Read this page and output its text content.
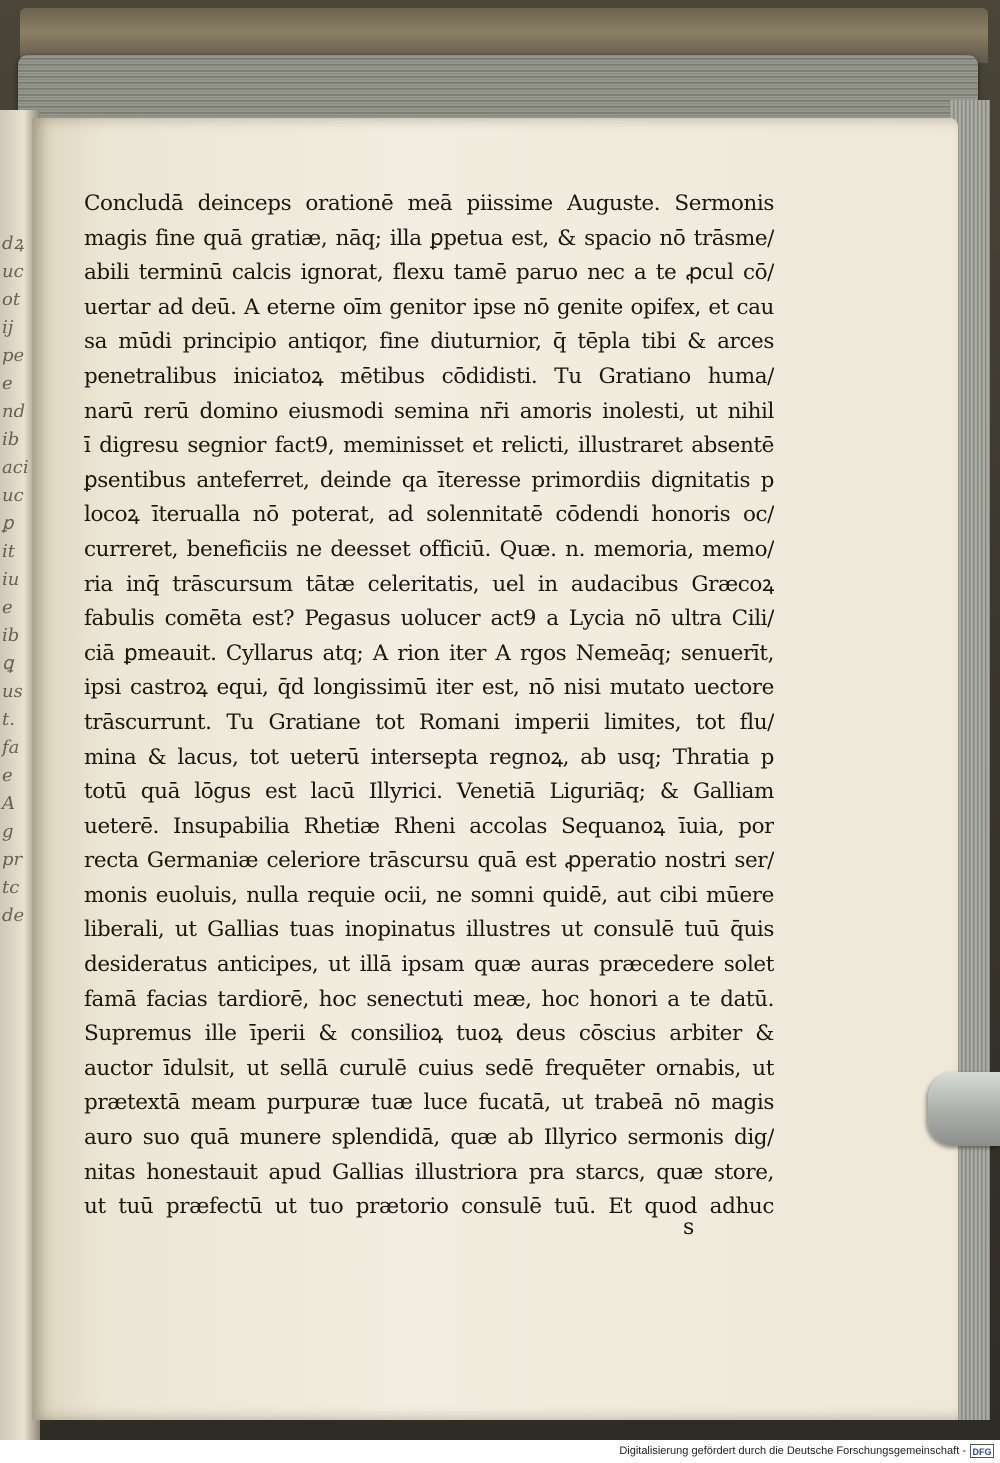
dꝝ
uc
ot
ij
pe
e
nd
ib
aci
uc
ꝑ
it
iu
e
ib
ꝗ
us
t.
fa
e
A
g
pr
tc
de

Concludā deinceps orationē meā piissime Auguste. Sermonis
magis fine quā gratiæ, nāq; illa ꝑpetua est, & spacio nō trāsme/
abili terminū calcis ignorat, flexu tamē paruo nec a te ꝓcul cō/
uertar ad deū. A eterne oīm genitor ipse nō genite opifex, et cau
sa mūdi principio antiqor, fine diuturnior, q̄ tēpla tibi & arces
penetralibus iniciatoꝝ mētibus cōdidisti. Tu Gratiano huma/
narū rerū domino eiusmodi semina nr̄i amoris inolesti, ut nihil
ī digresu segnior fact9, meminisset et relicti, illustraret absentē
ꝑsentibus anteferret, deinde qa īteresse primordiis dignitatis p
locoꝝ īterualla nō poterat, ad solennitatē cōdendi honoris oc/
curreret, beneficiis ne deesset officiū. Quæ. n. memoria, memo/
ria inq̄ trāscursum tātæ celeritatis, uel in audacibus Græcoꝝ
fabulis comēta est? Pegasus uolucer act9 a Lycia nō ultra Cili/
ciā ꝑmeauit. Cyllarus atq; A rion iter A rgos Nemeāq; senuerīt,
ipsi castroꝝ equi, q̄d longissimū iter est, nō nisi mutato uectore
trāscurrunt. Tu Gratiane tot Romani imperii limites, tot flu/
mina & lacus, tot ueterū intersepta regnoꝝ, ab usq; Thratia p
totū quā lōgus est lacū Illyrici. Venetiā Liguriāq; & Galliam
ueterē. Insupabilia Rhetiæ Rheni accolas Sequanoꝝ īuia, por
recta Germaniæ celeriore trāscursu quā est ꝓperatio nostri ser/
monis euoluis, nulla requie ocii, ne somni quidē, aut cibi mūere
liberali, ut Gallias tuas inopinatus illustres ut consulē tuū q̄uis
desideratus anticipes, ut illā ipsam quæ auras præcedere solet
famā facias tardiorē, hoc senectuti meæ, hoc honori a te datū.
Supremus ille īperii & consilioꝝ tuoꝝ deus cōscius arbiter &
auctor īdulsit, ut sellā curulē cuius sedē frequēter ornabis, ut
prætextā meam purpuræ tuæ luce fucatā, ut trabeā nō magis
auro suo quā munere splendidā, quæ ab Illyrico sermonis dig/
nitas honestauit apud Gallias illustriora pra starcs, quæ store,
ut tuū præfectū ut tuo prætorio consulē tuū. Et quod adhuc
s
Digitalisierung gefördert durch die Deutsche Forschungsgemeinschaft - DFG
